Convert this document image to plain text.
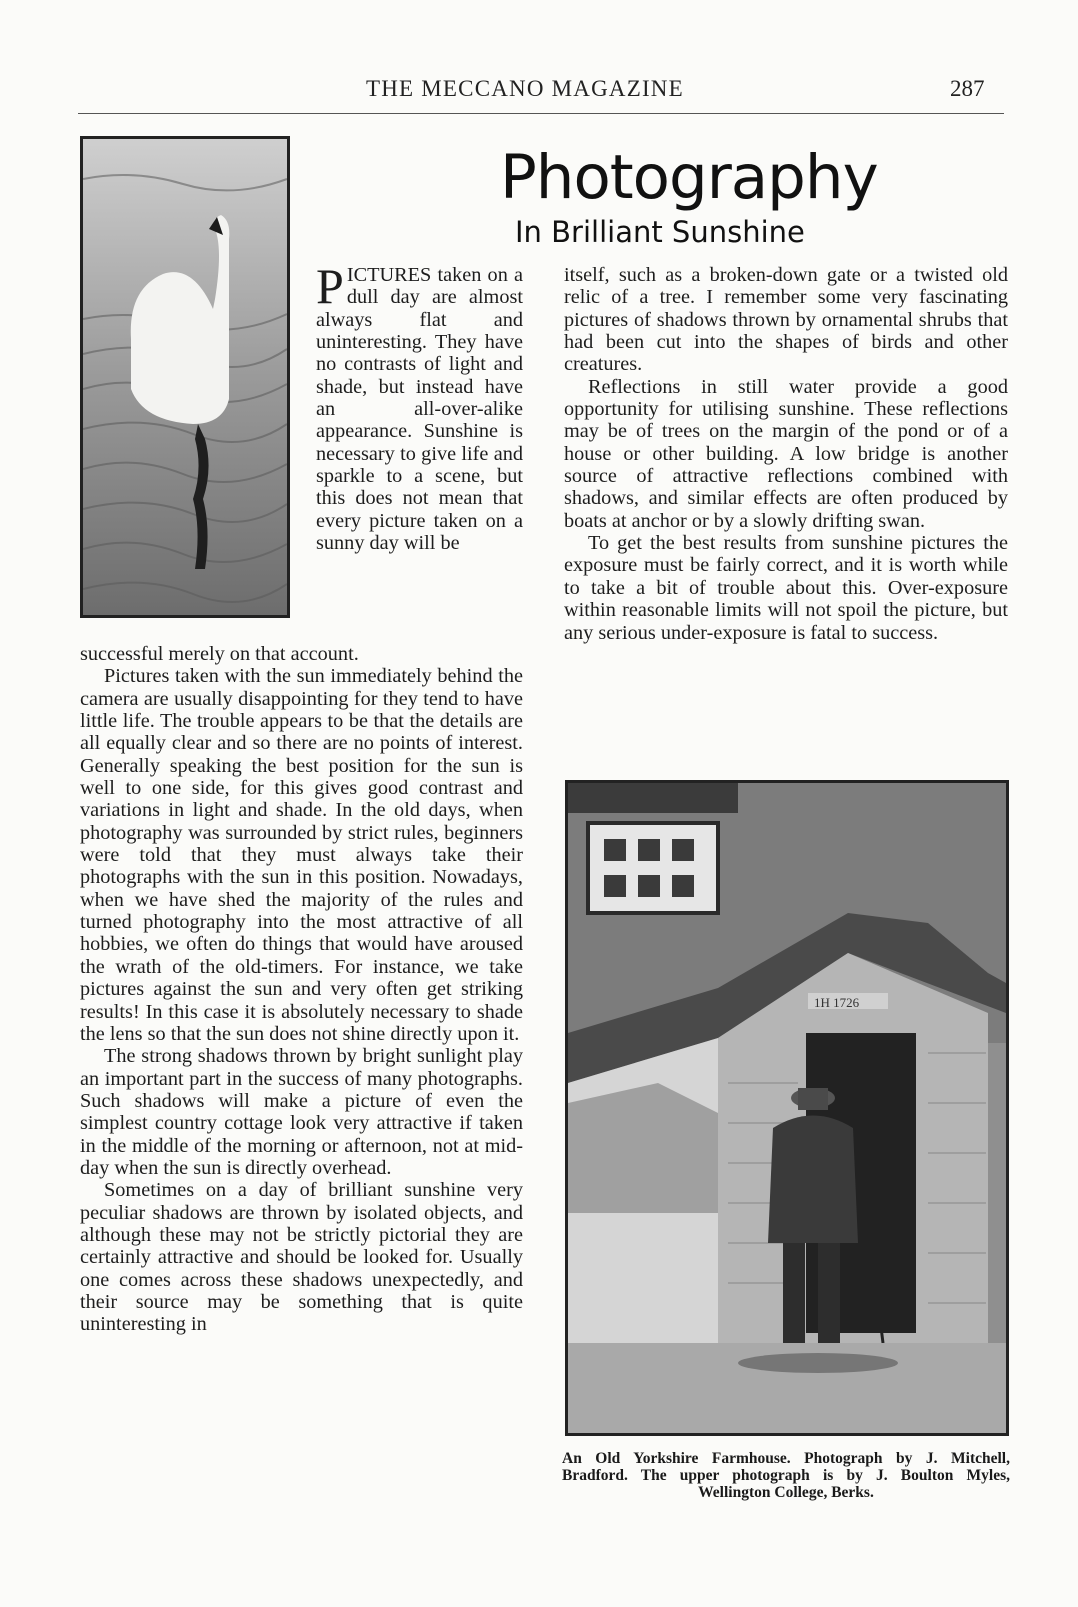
THE MECCANO MAGAZINE	287
Photography
In Brilliant Sunshine

PICTURES taken on a dull day are almost always flat and uninteresting. They have no contrasts of light and shade, but instead have an all-over-alike appearance. Sunshine is necessary to give life and sparkle to a scene, but this does not mean that every picture taken on a sunny day will be

successful merely on that account.

Pictures taken with the sun immediately behind the camera are usually disappointing for they tend to have little life. The trouble appears to be that the details are all equally clear and so there are no points of interest. Generally speaking the best position for the sun is well to one side, for this gives good contrast and variations in light and shade. In the old days, when photography was surrounded by strict rules, beginners were told that they must always take their photographs with the sun in this position. Nowadays, when we have shed the majority of the rules and turned photography into the most attractive of all hobbies, we often do things that would have aroused the wrath of the old-timers. For instance, we take pictures against the sun and very often get striking results! In this case it is absolutely necessary to shade the lens so that the sun does not shine directly upon it.

The strong shadows thrown by bright sunlight play an important part in the success of many photographs. Such shadows will make a picture of even the simplest country cottage look very attractive if taken in the middle of the morning or afternoon, not at mid-day when the sun is directly overhead.

Sometimes on a day of brilliant sunshine very peculiar shadows are thrown by isolated objects, and although these may not be strictly pictorial they are certainly attractive and should be looked for. Usually one comes across these shadows unexpectedly, and their source may be something that is quite uninteresting in

itself, such as a broken-down gate or a twisted old relic of a tree. I remember some very fascinating pictures of shadows thrown by ornamental shrubs that had been cut into the shapes of birds and other creatures.

Reflections in still water provide a good opportunity for utilising sunshine. These reflections may be of trees on the margin of the pond or of a house or other building. A low bridge is another source of attractive reflections combined with shadows, and similar effects are often produced by boats at anchor or by a slowly drifting swan.

To get the best results from sunshine pictures the exposure must be fairly correct, and it is worth while to take a bit of trouble about this. Over-exposure within reasonable limits will not spoil the picture, but any serious under-exposure is fatal to success.

1H 1726
An Old Yorkshire Farmhouse. Photograph by J. Mitchell, Bradford. The upper photograph is by J. Boulton Myles, Wellington College, Berks.
